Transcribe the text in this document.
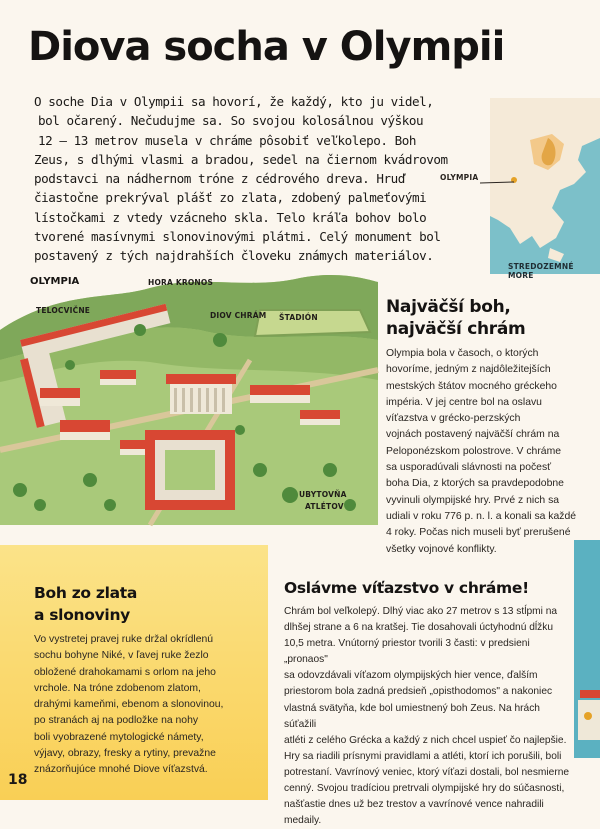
Diova socha v Olympii
O soche Dia v Olympii sa hovorí, že každý, kto ju videl,
bol očarený. Nečudujme sa. So svojou kolosálnou výškou
12 – 13 metrov musela v chráme pôsobiť veľkolepo. Boh
Zeus, s dlhými vlasmi a bradou, sedel na čiernom kvádrovom
podstavci na nádhernom tróne z cédrového dreva. Hruď
čiastočne prekrýval plášť zo zlata, zdobený palmeťovými
lístočkami z vtedy vzácneho skla. Telo kráľa bohov bolo
tvorené masívnymi slonovinovými plátmi. Celý monument bol
postavený z tých najdrahších človeku známych materiálov.
OLYMPIA
STREDOZEMNÉ MORE
OLYMPIA	HORA KRONOS
TELOCVIČNE
DIOV CHRÁM ŠTADIÓN
UBYTOVŇA
ATLÉTOV
Najväčší boh,
najväčší chrám
Olympia bola v časoch, o ktorých
hovoríme, jedným z najdôležitejších
mestských štátov mocného gréckeho
impéria. V jej centre bol na oslavu
víťazstva v grécko-perzských
vojnách postavený najväčší chrám na
Peloponézskom polostrove. V chráme
sa usporadúvali slávnosti na počesť
boha Dia, z ktorých sa pravdepodobne
vyvinuli olympijské hry. Prvé z nich sa
udiali v roku 776 p. n. l. a konali sa každé
4 roky. Počas nich museli byť prerušené
všetky vojnové konflikty.
Boh zo zlata
a slonoviny
Vo vystretej pravej ruke držal okrídlenú
sochu bohyne Niké, v ľavej ruke žezlo
obložené drahokamami s orlom na jeho
vrchole. Na tróne zdobenom zlatom,
drahými kameňmi, ebenom a slonovinou,
po stranách aj na podložke na nohy
boli vyobrazené mytologické námety,
výjavy, obrazy, fresky a rytiny, prevažne
znázorňujúce mnohé Diove víťazstvá.
Oslávme víťazstvo v chráme!
Chrám bol veľkolepý. Dlhý viac ako 27 metrov s 13 stĺpmi na
dlhšej strane a 6 na kratšej. Tie dosahovali úctyhodnú dĺžku
10,5 metra. Vnútorný priestor tvorili 3 časti: v predsienі „pronaos"
sa odovzdávali víťazom olympijských hier vence, ďalším
priestorom bola zadná predsieň „opisthodomos" a nakoniec
vlastná svätyňa, kde bol umiestnený boh Zeus. Na hrách súťažili
atléti z celého Grécka a každý z nich chcel uspieť čo najlepšie.
Hry sa riadili prísnymi pravidlami a atléti, ktorí ich porušili, boli
potrestaní. Vavrínový veniec, ktorý víťazi dostali, bol nesmierne
cenný. Svojou tradíciou pretrvali olympijské hry do súčasnosti,
našťastie dnes už bez trestov a vavrínové vence nahradili medaily.
18
